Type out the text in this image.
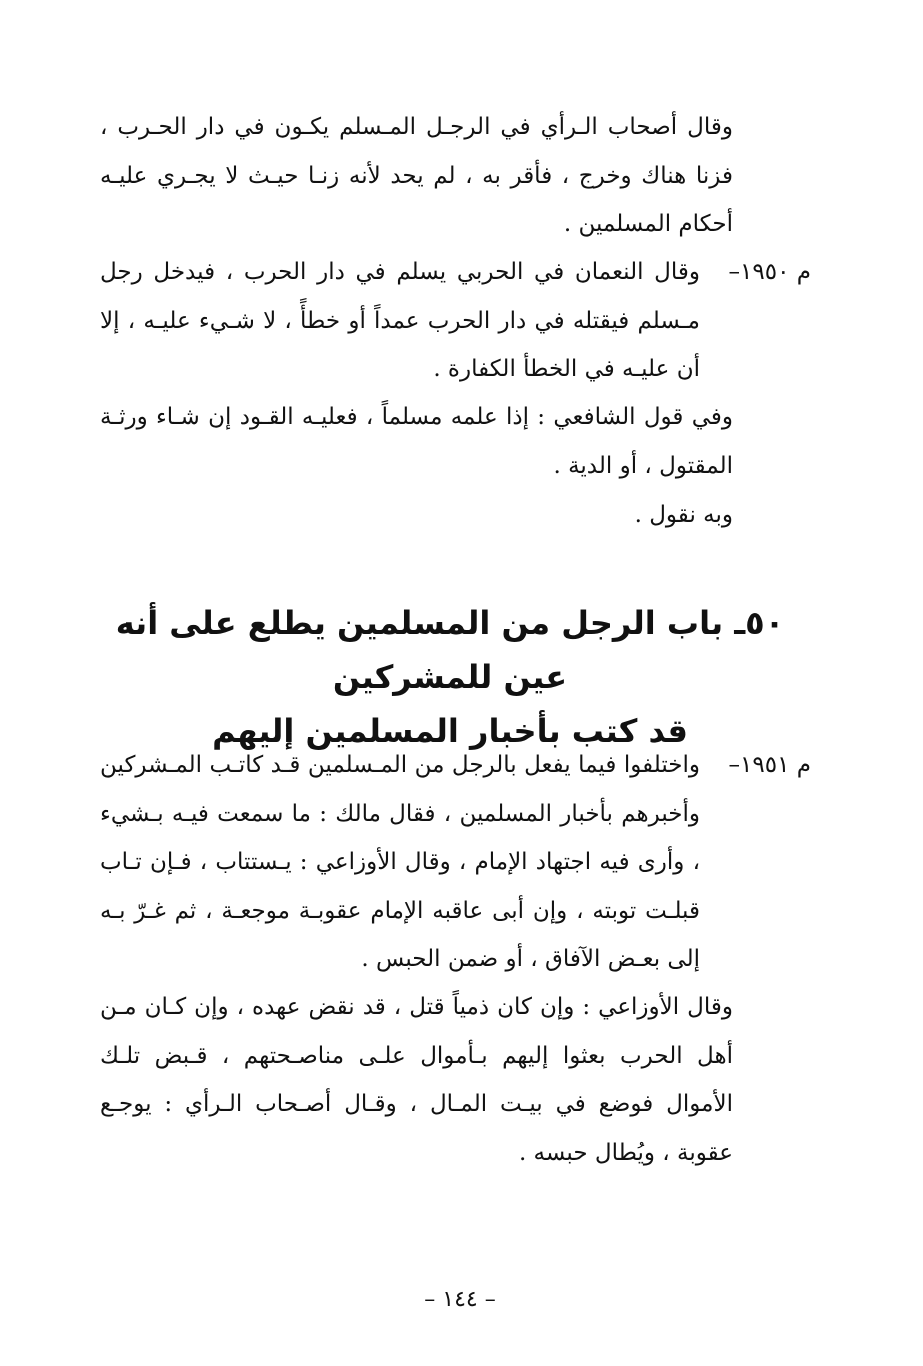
وقال أصحاب الـرأي في الرجـل المـسلم يكـون في دار الحـرب ، فزنا هناك وخرج ، فأقر به ، لم يحد لأنه زنـا حيـث لا يجـري عليـه أحكام المسلمين .

م ١٩٥٠–

وقال النعمان في الحربي يسلم في دار الحرب ، فيدخل رجل مـسلم فيقتله في دار الحرب عمداً أو خطأً ، لا شـيء عليـه ، إلا أن عليـه في الخطأ الكفارة .

وفي قول الشافعي : إذا علمه مسلماً ، فعليـه القـود إن شـاء ورثـة المقتول ، أو الدية .

وبه نقول .

٥٠ـ باب الرجل من المسلمين يطلع على أنه عين للمشركين
قد كتب بأخبار المسلمين إليهم
م ١٩٥١–

واختلفوا فيما يفعل بالرجل من المـسلمين قـد كاتـب المـشركين وأخبرهم بأخبار المسلمين ، فقال مالك : ما سمعت فيـه بـشيء ، وأرى فيه اجتهاد الإمام ، وقال الأوزاعي : يـستتاب ، فـإن تـاب قبلـت توبته ، وإن أبى عاقبه الإمام عقوبـة موجعـة ، ثم غـرّ بـه إلى بعـض الآفاق ، أو ضمن الحبس .

وقال الأوزاعي : وإن كان ذمياً قتل ، قد نقض عهده ، وإن كـان مـن أهل الحرب بعثوا إليهم بـأموال علـى مناصـحتهم ، قـبض تلـك الأموال فوضع في بيـت المـال ، وقـال أصـحاب الـرأي : يوجـع عقوبة ، ويُطال حبسه .

– ١٤٤ –
